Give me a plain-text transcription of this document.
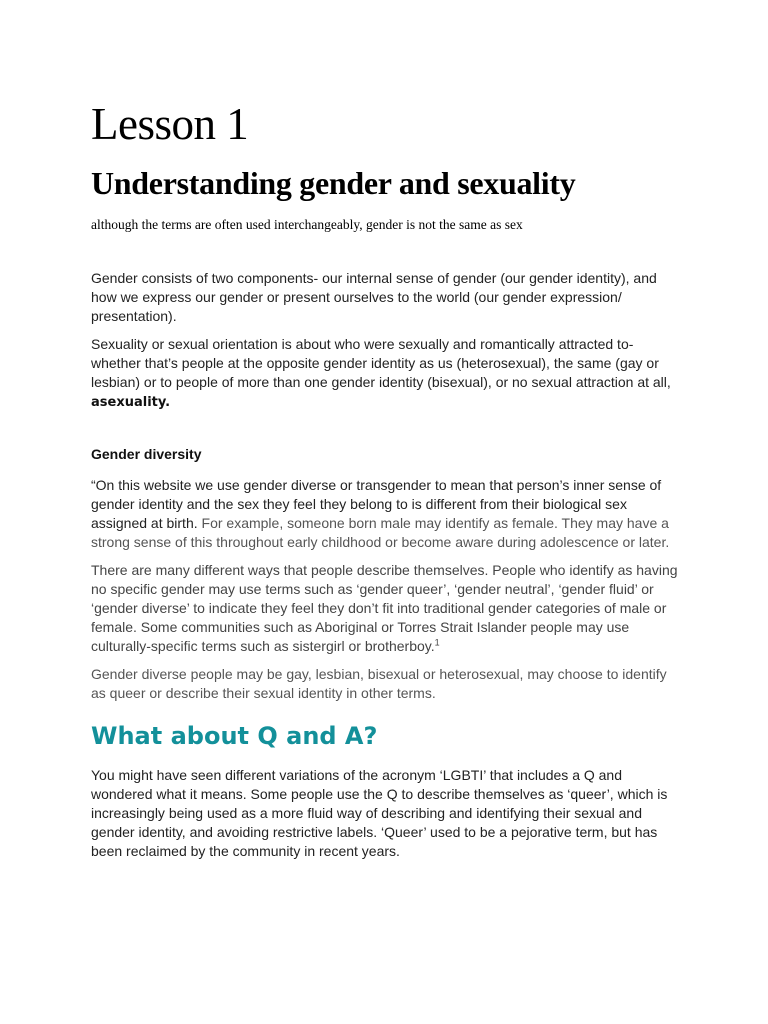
Lesson 1
Understanding gender and sexuality

although the terms are often used interchangeably, gender is not the same as sex

Gender consists of two components- our internal sense of gender (our gender identity), and how we express our gender or present ourselves to the world (our gender expression/ presentation).

Sexuality or sexual orientation is about who were sexually and romantically attracted to- whether that’s people at the opposite gender identity as us (heterosexual), the same (gay or lesbian) or to people of more than one gender identity (bisexual), or no sexual attraction at all, asexuality.

Gender diversity

“On this website we use gender diverse or transgender to mean that person’s inner sense of gender identity and the sex they feel they belong to is different from their biological sex assigned at birth. For example, someone born male may identify as female. They may have a strong sense of this throughout early childhood or become aware during adolescence or later.

There are many different ways that people describe themselves. People who identify as having no specific gender may use terms such as ‘gender queer’, ‘gender neutral’, ‘gender fluid’ or ‘gender diverse’ to indicate they feel they don’t fit into traditional gender categories of male or female. Some communities such as Aboriginal or Torres Strait Islander people may use culturally-specific terms such as sistergirl or brotherboy.$^1$

Gender diverse people may be gay, lesbian, bisexual or heterosexual, may choose to identify as queer or describe their sexual identity in other terms.

What about Q and A?

You might have seen different variations of the acronym ‘LGBTI’ that includes a Q and wondered what it means. Some people use the Q to describe themselves as ‘queer’, which is increasingly being used as a more fluid way of describing and identifying their sexual and gender identity, and avoiding restrictive labels. ‘Queer’ used to be a pejorative term, but has been reclaimed by the community in recent years.
